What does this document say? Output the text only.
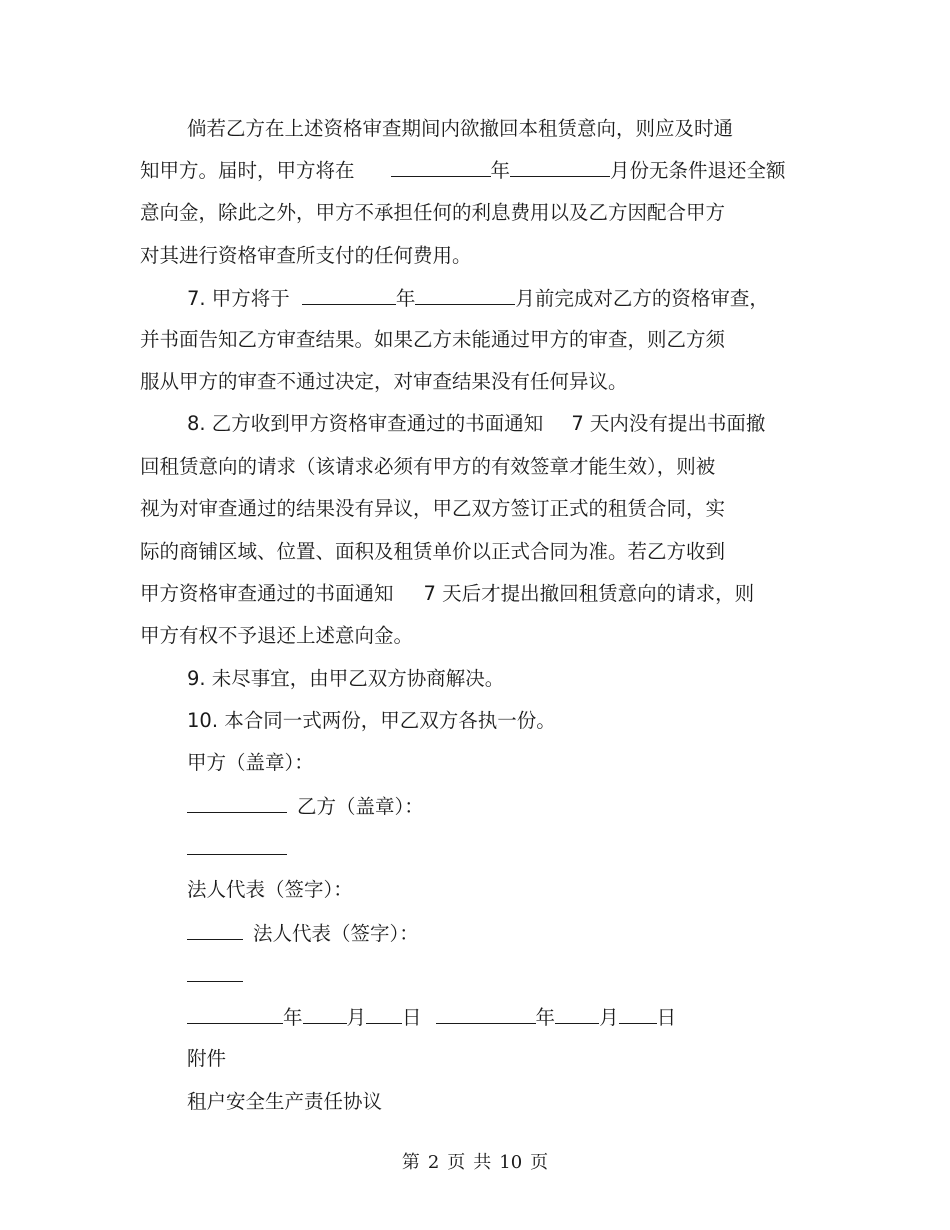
倘若乙方在上述资格审查期间内欲撤回本租赁意向，则应及时通
知甲方。届时，甲方将在	年	月份无条件退还全额
意向金，除此之外，甲方不承担任何的利息费用以及乙方因配合甲方
对其进行资格审查所支付的任何费用。
7. 甲方将于	年	月前完成对乙方的资格审查，
并书面告知乙方审查结果。如果乙方未能通过甲方的审查，则乙方须
服从甲方的审查不通过决定，对审查结果没有任何异议。
8. 乙方收到甲方资格审查通过的书面通知 7 天内没有提出书面撤
回租赁意向的请求（该请求必须有甲方的有效签章才能生效），则被
视为对审查通过的结果没有异议，甲乙双方签订正式的租赁合同，实
际的商铺区域、位置、面积及租赁单价以正式合同为准。若乙方收到
甲方资格审查通过的书面通知 7 天后才提出撤回租赁意向的请求，则
甲方有权不予退还上述意向金。
9. 未尽事宜，由甲乙双方协商解决。
10. 本合同一式两份，甲乙双方各执一份。
甲方（盖章）：
乙方（盖章）：
法人代表（签字）：
法人代表（签字）：
年 月 日	年 月 日
附件
租户安全生产责任协议
第 2 页 共 10 页
